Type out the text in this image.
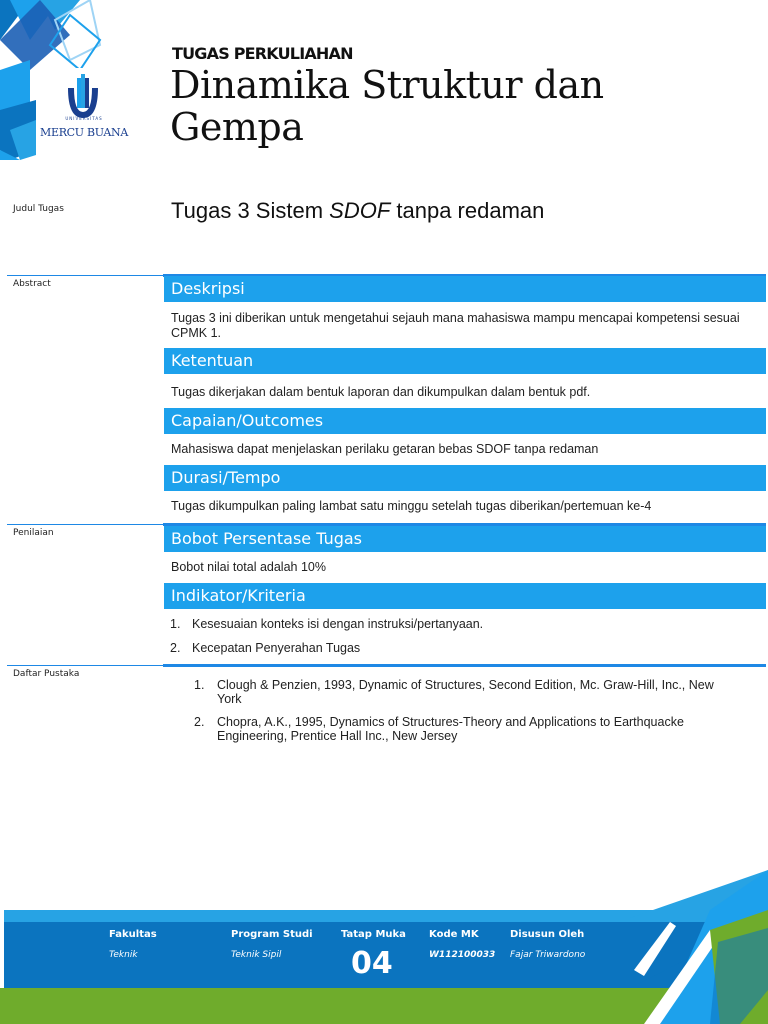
UNIVERSITAS
MERCU BUANA
TUGAS PERKULIAHAN
Dinamika Struktur dan Gempa
Judul Tugas	Tugas 3 Sistem SDOF tanpa redaman
Abstract	Deskripsi
Tugas 3 ini diberikan untuk mengetahui sejauh mana mahasiswa mampu mencapai kompetensi sesuai CPMK 1.
Ketentuan
Tugas dikerjakan dalam bentuk laporan dan dikumpulkan dalam bentuk pdf.
Capaian/Outcomes
Mahasiswa dapat menjelaskan perilaku getaran bebas SDOF tanpa redaman
Durasi/Tempo
Tugas dikumpulkan paling lambat satu minggu setelah tugas diberikan/pertemuan ke-4
Penilaian	Bobot Persentase Tugas
Bobot nilai total adalah 10%
Indikator/Kriteria
1. Kesesuaian konteks isi dengan instruksi/pertanyaan.
2. Kecepatan Penyerahan Tugas
Daftar Pustaka
1. Clough & Penzien, 1993, Dynamic of Structures, Second Edition, Mc. Graw-Hill, Inc., New York
2. Chopra, A.K., 1995, Dynamics of Structures-Theory and Applications to Earthquacke Engineering, Prentice Hall Inc., New Jersey
Fakultas
Teknik
Program Studi
Teknik Sipil
Tatap Muka
04
Kode MK
W112100033
Disusun Oleh
Fajar Triwardono
